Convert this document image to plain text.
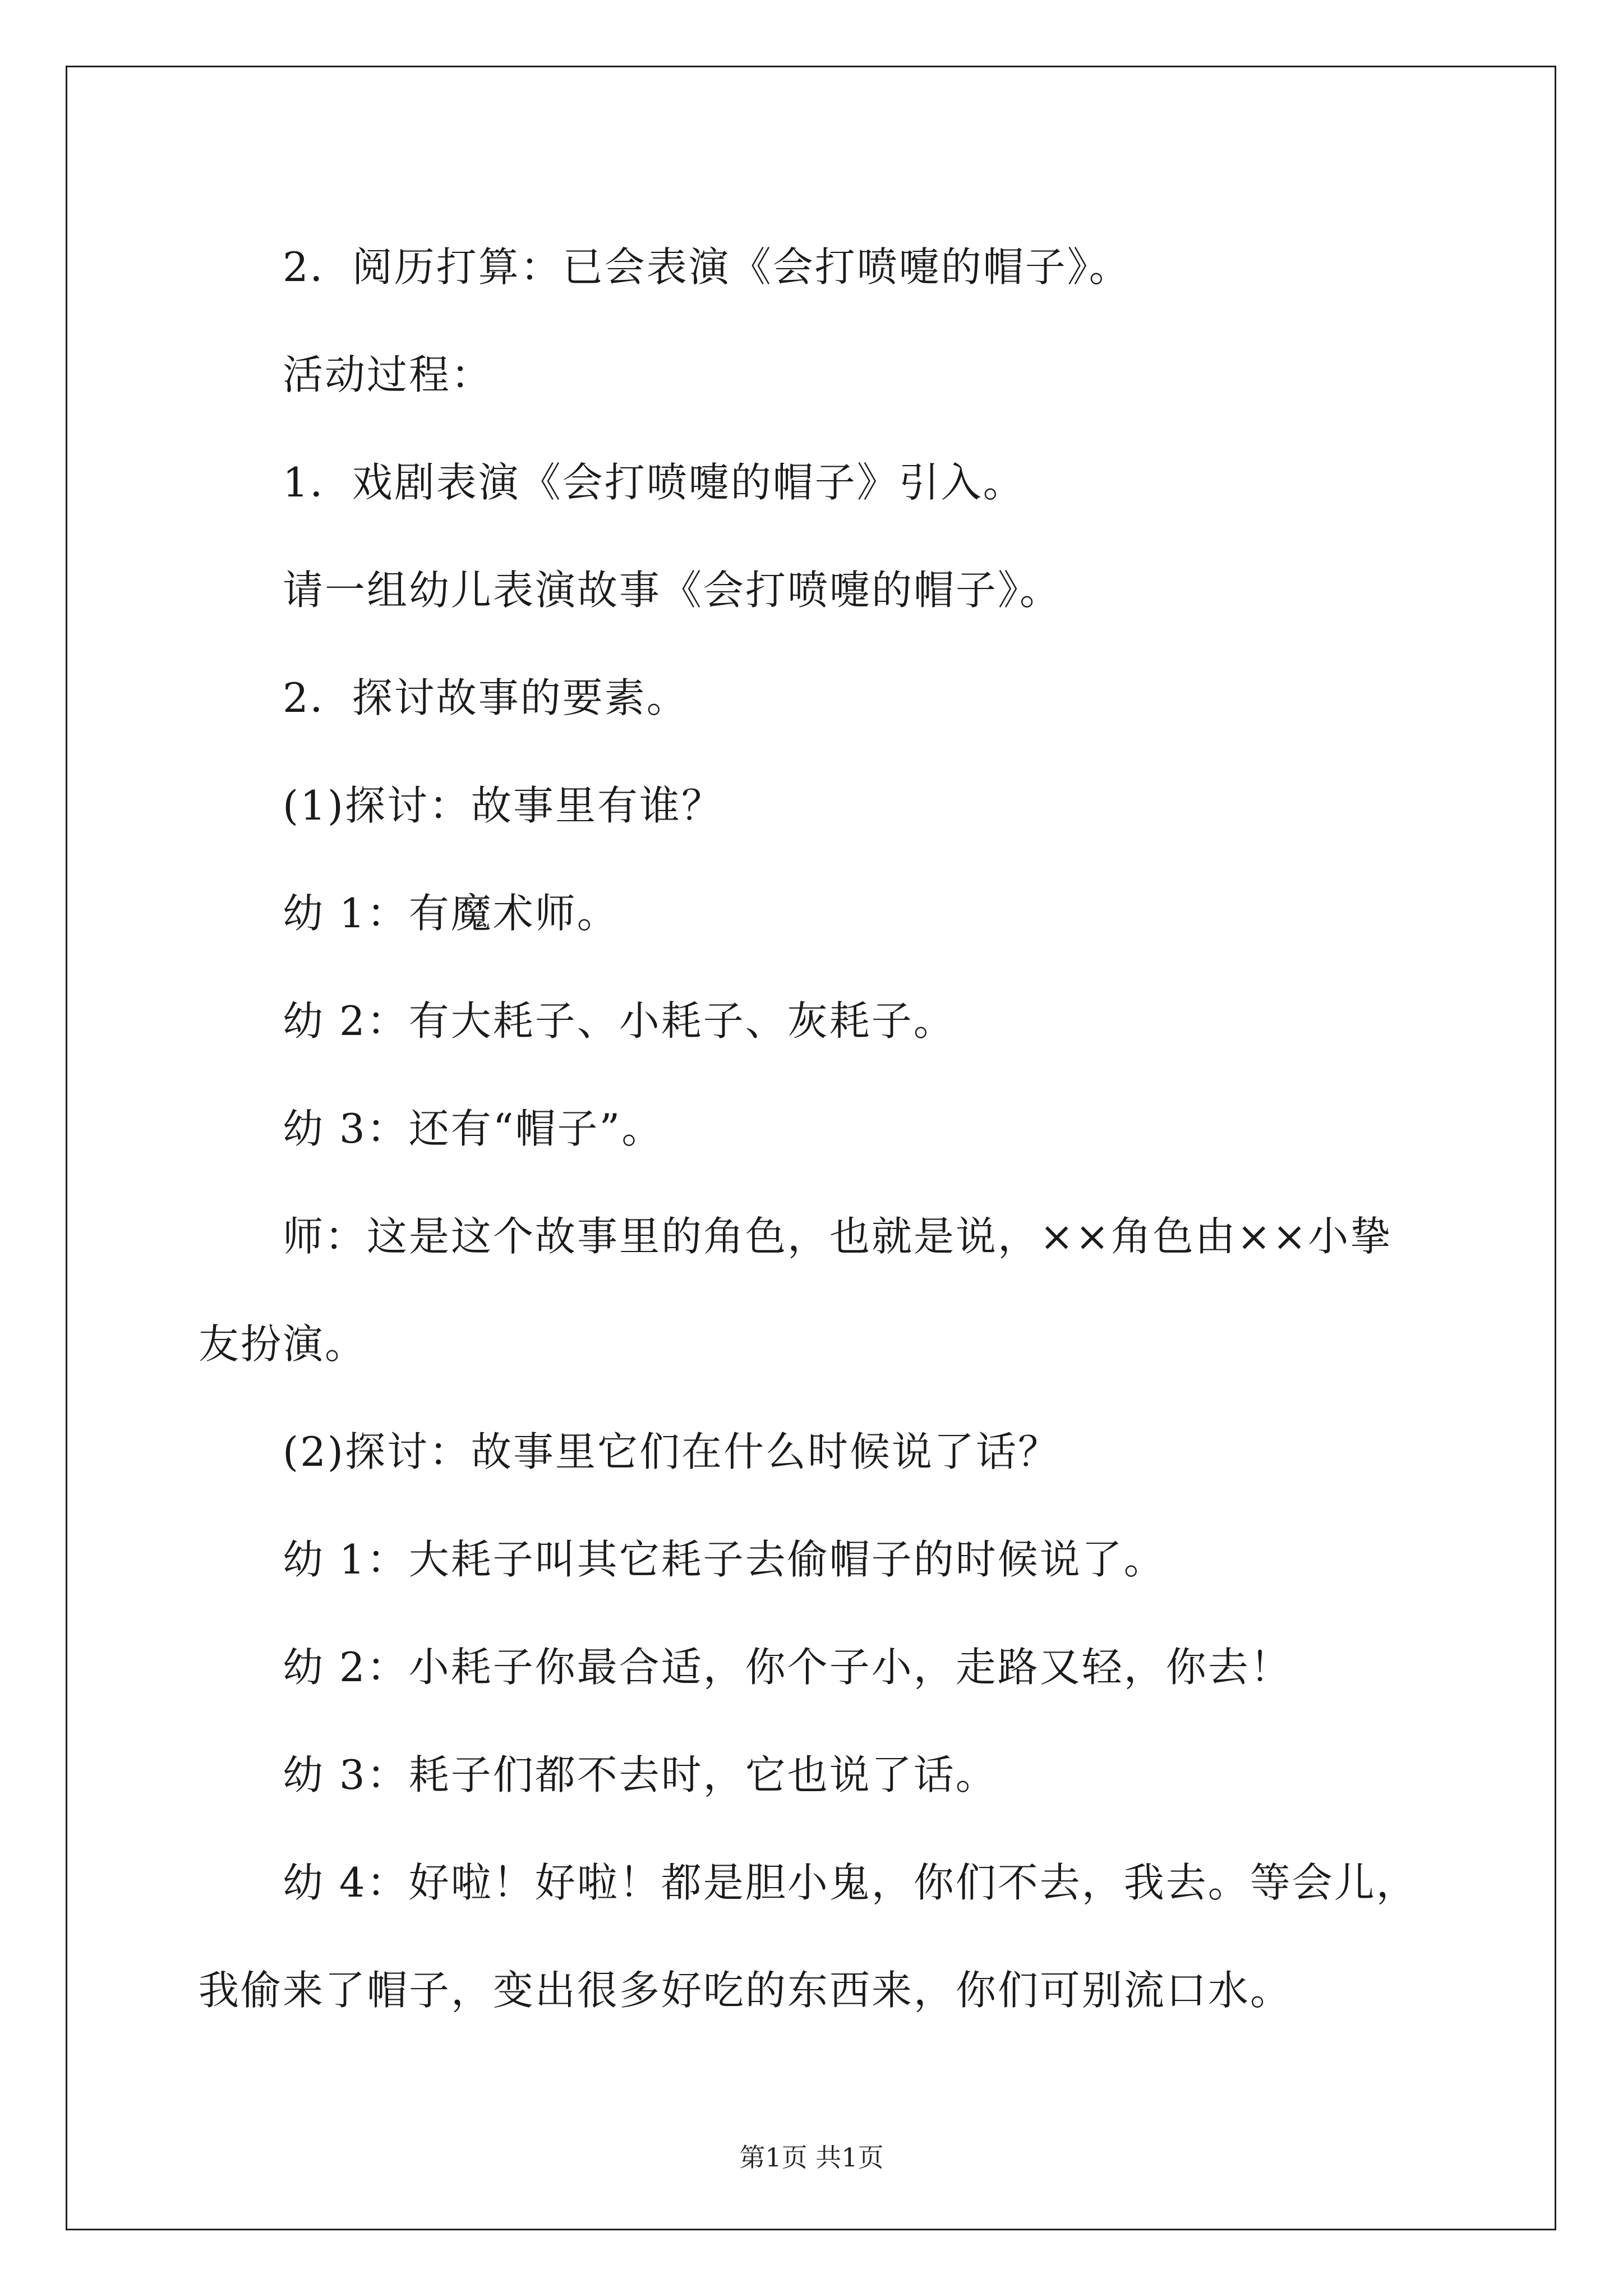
2．阅历打算：已会表演《会打喷嚏的帽子》。

活动过程：

1．戏剧表演《会打喷嚏的帽子》引入。

请一组幼儿表演故事《会打喷嚏的帽子》。

2．探讨故事的要素。

(1)探讨：故事里有谁？

幼 1：有魔术师。

幼 2：有大耗子、小耗子、灰耗子。

幼 3：还有“帽子”。

师：这是这个故事里的角色，也就是说，××角色由××小挚友扮演。

(2)探讨：故事里它们在什么时候说了话？

幼 1：大耗子叫其它耗子去偷帽子的时候说了。

幼 2：小耗子你最合适，你个子小，走路又轻，你去！

幼 3：耗子们都不去时，它也说了话。

幼 4：好啦！好啦！都是胆小鬼，你们不去，我去。等会儿，我偷来了帽子，变出很多好吃的东西来，你们可别流口水。

第1页 共1页
